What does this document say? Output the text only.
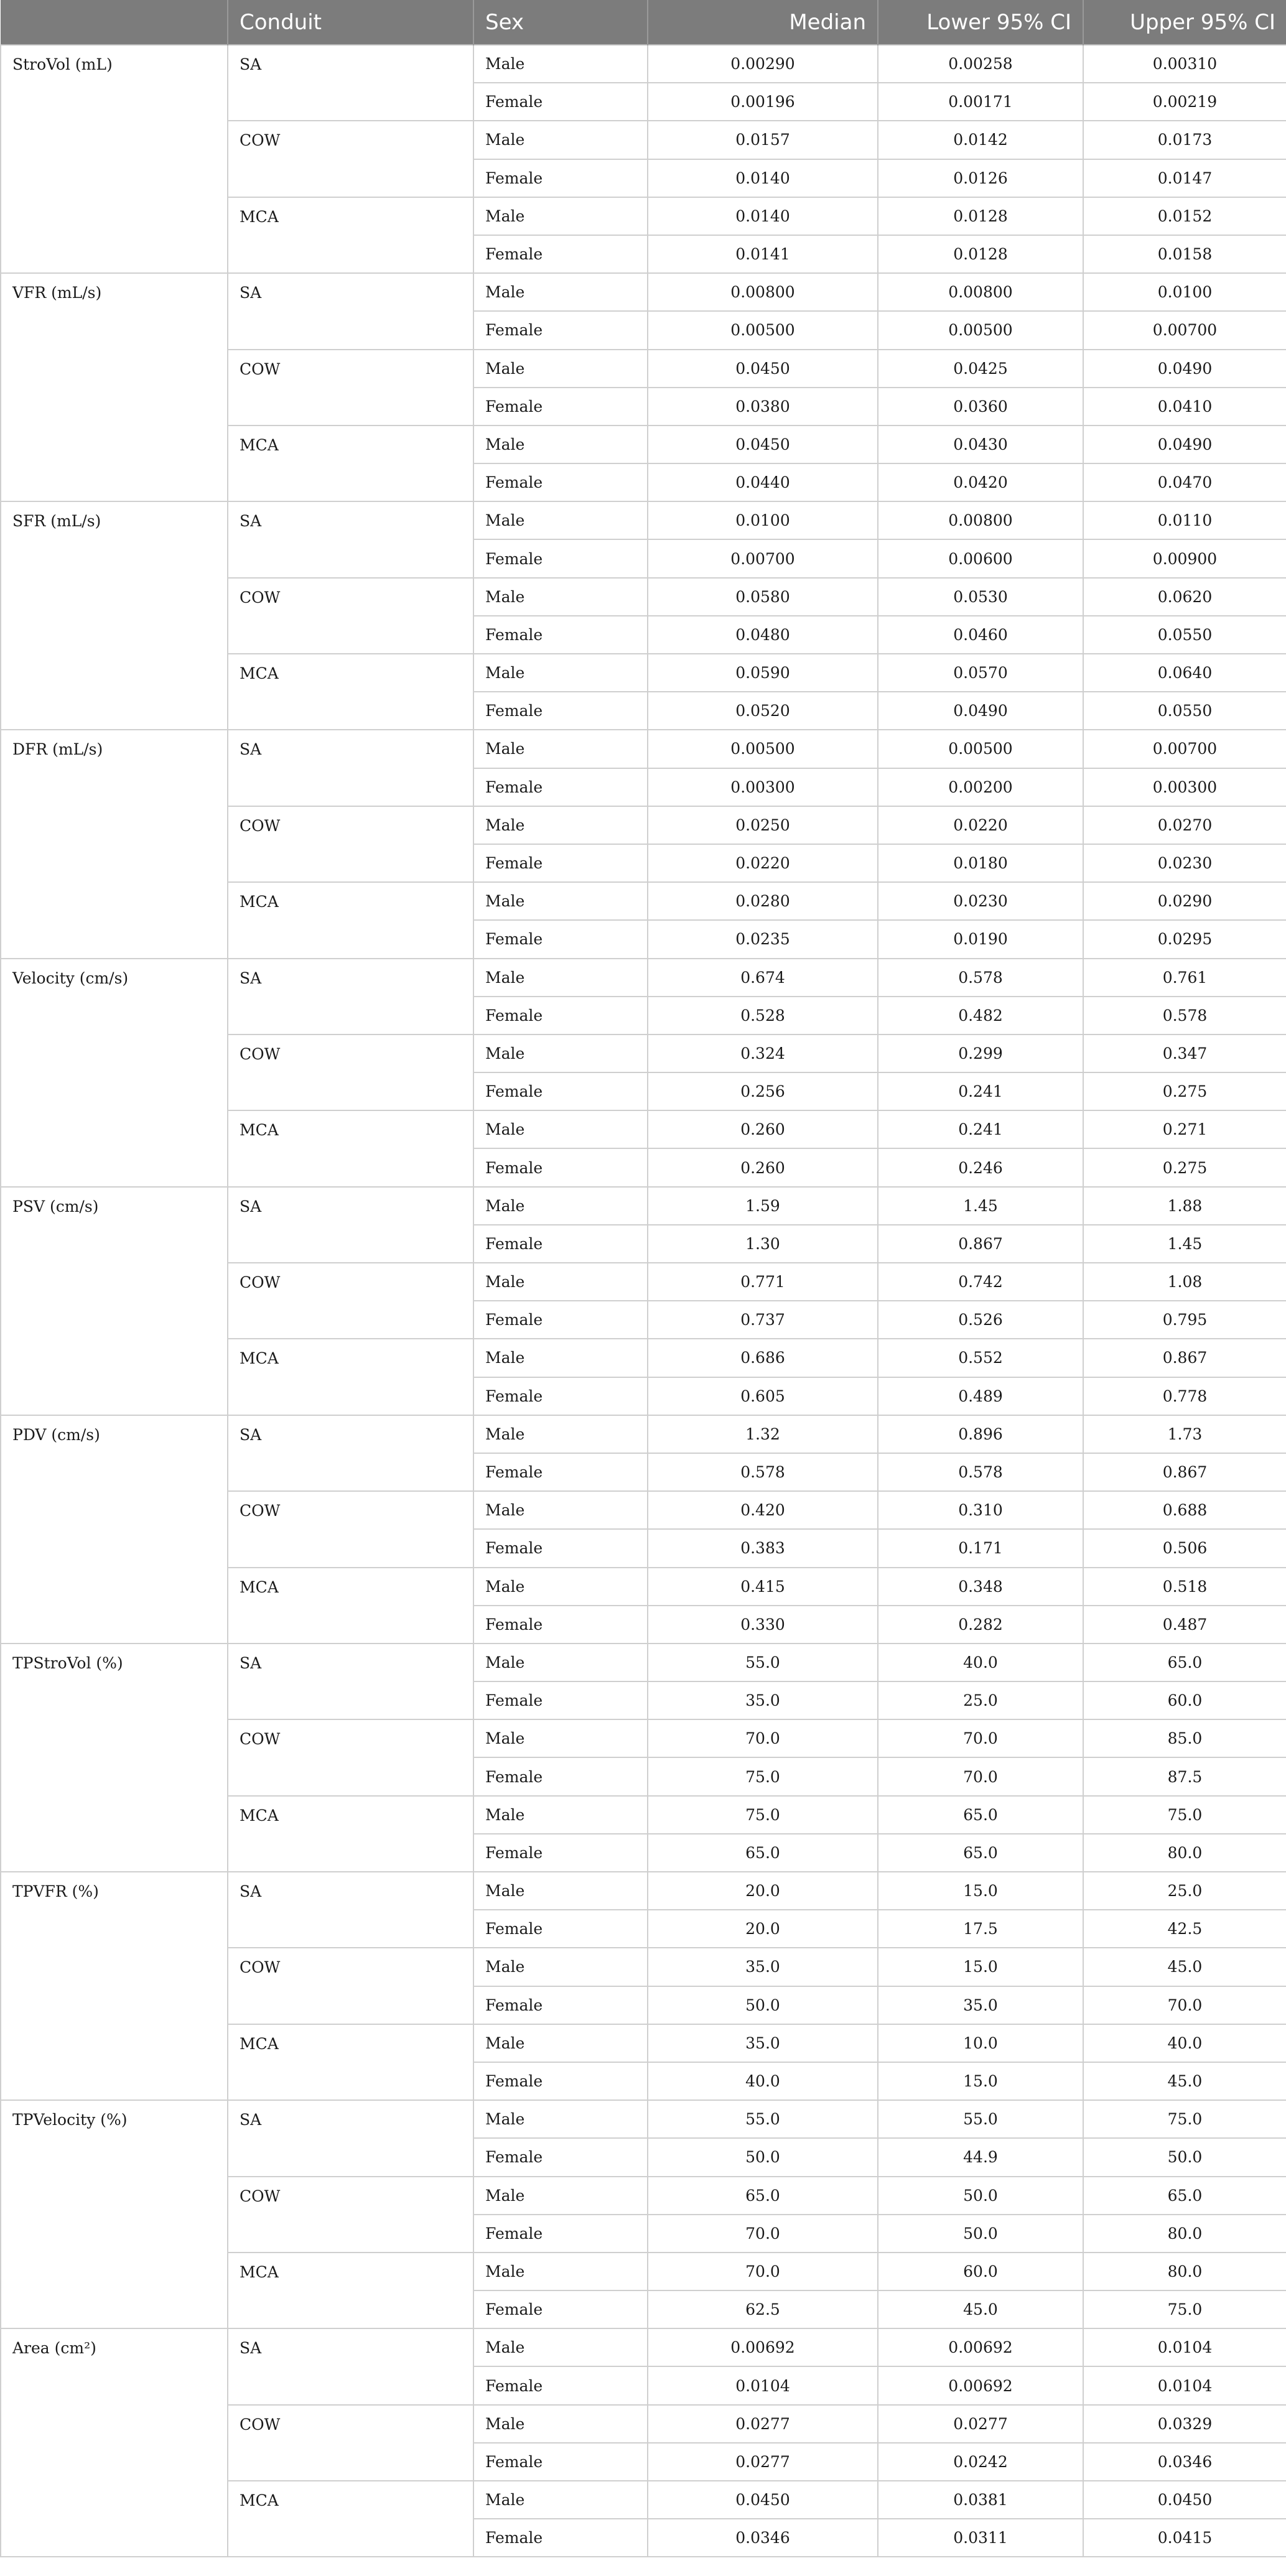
	Conduit	Sex	Median	Lower 95% CI	Upper 95% CI
StroVol (mL)	SA	Male	0.00290	0.00258	0.00310
		Female	0.00196	0.00171	0.00219
	COW	Male	0.0157	0.0142	0.0173
		Female	0.0140	0.0126	0.0147
	MCA	Male	0.0140	0.0128	0.0152
		Female	0.0141	0.0128	0.0158
VFR (mL/s)	SA	Male	0.00800	0.00800	0.0100
		Female	0.00500	0.00500	0.00700
	COW	Male	0.0450	0.0425	0.0490
		Female	0.0380	0.0360	0.0410
	MCA	Male	0.0450	0.0430	0.0490
		Female	0.0440	0.0420	0.0470
SFR (mL/s)	SA	Male	0.0100	0.00800	0.0110
		Female	0.00700	0.00600	0.00900
	COW	Male	0.0580	0.0530	0.0620
		Female	0.0480	0.0460	0.0550
	MCA	Male	0.0590	0.0570	0.0640
		Female	0.0520	0.0490	0.0550
DFR (mL/s)	SA	Male	0.00500	0.00500	0.00700
		Female	0.00300	0.00200	0.00300
	COW	Male	0.0250	0.0220	0.0270
		Female	0.0220	0.0180	0.0230
	MCA	Male	0.0280	0.0230	0.0290
		Female	0.0235	0.0190	0.0295
Velocity (cm/s)	SA	Male	0.674	0.578	0.761
		Female	0.528	0.482	0.578
	COW	Male	0.324	0.299	0.347
		Female	0.256	0.241	0.275
	MCA	Male	0.260	0.241	0.271
		Female	0.260	0.246	0.275
PSV (cm/s)	SA	Male	1.59	1.45	1.88
		Female	1.30	0.867	1.45
	COW	Male	0.771	0.742	1.08
		Female	0.737	0.526	0.795
	MCA	Male	0.686	0.552	0.867
		Female	0.605	0.489	0.778
PDV (cm/s)	SA	Male	1.32	0.896	1.73
		Female	0.578	0.578	0.867
	COW	Male	0.420	0.310	0.688
		Female	0.383	0.171	0.506
	MCA	Male	0.415	0.348	0.518
		Female	0.330	0.282	0.487
TPStroVol (%)	SA	Male	55.0	40.0	65.0
		Female	35.0	25.0	60.0
	COW	Male	70.0	70.0	85.0
		Female	75.0	70.0	87.5
	MCA	Male	75.0	65.0	75.0
		Female	65.0	65.0	80.0
TPVFR (%)	SA	Male	20.0	15.0	25.0
		Female	20.0	17.5	42.5
	COW	Male	35.0	15.0	45.0
		Female	50.0	35.0	70.0
	MCA	Male	35.0	10.0	40.0
		Female	40.0	15.0	45.0
TPVelocity (%)	SA	Male	55.0	55.0	75.0
		Female	50.0	44.9	50.0
	COW	Male	65.0	50.0	65.0
		Female	70.0	50.0	80.0
	MCA	Male	70.0	60.0	80.0
		Female	62.5	45.0	75.0
Area (cm²)	SA	Male	0.00692	0.00692	0.0104
		Female	0.0104	0.00692	0.0104
	COW	Male	0.0277	0.0277	0.0329
		Female	0.0277	0.0242	0.0346
	MCA	Male	0.0450	0.0381	0.0450
		Female	0.0346	0.0311	0.0415
